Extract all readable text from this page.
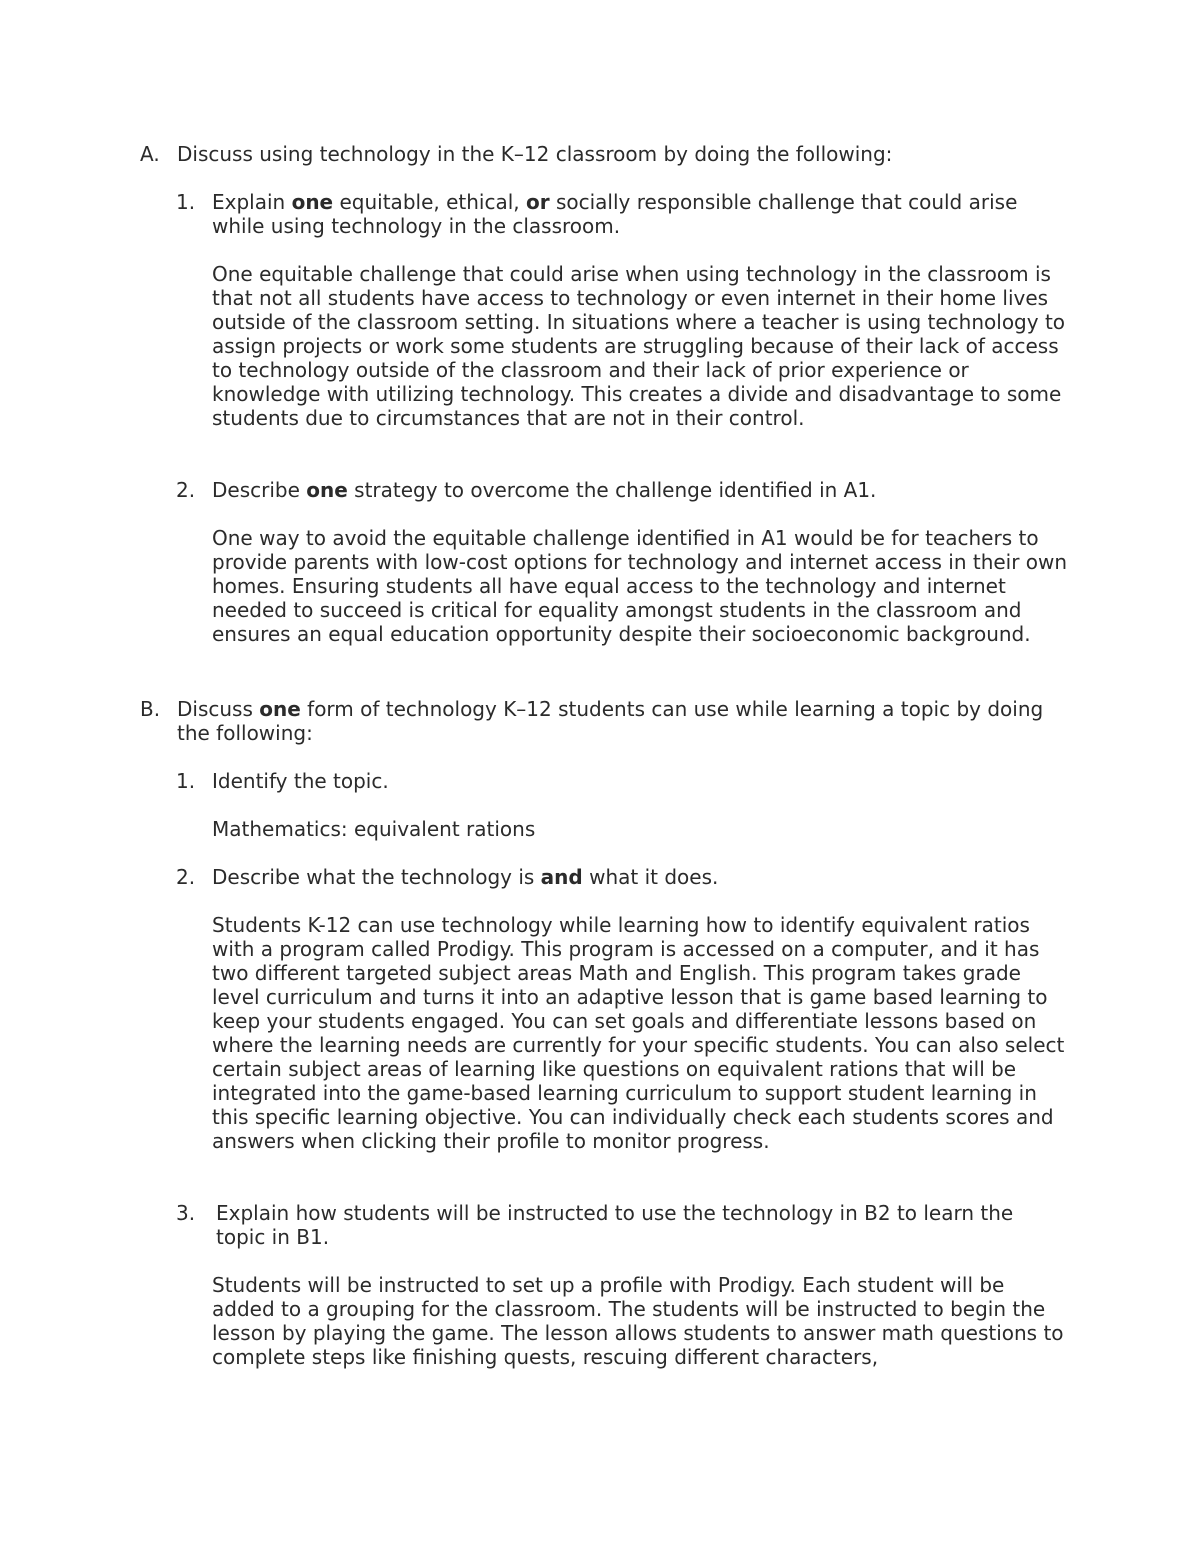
A. Discuss using technology in the K–12 classroom by doing the following:
1. Explain one equitable, ethical, or socially responsible challenge that could arise while using technology in the classroom.
One equitable challenge that could arise when using technology in the classroom is that not all students have access to technology or even internet in their home lives outside of the classroom setting. In situations where a teacher is using technology to assign projects or work some students are struggling because of their lack of access to technology outside of the classroom and their lack of prior experience or knowledge with utilizing technology. This creates a divide and disadvantage to some students due to circumstances that are not in their control.
2. Describe one strategy to overcome the challenge identified in A1.
One way to avoid the equitable challenge identified in A1 would be for teachers to provide parents with low-cost options for technology and internet access in their own homes. Ensuring students all have equal access to the technology and internet needed to succeed is critical for equality amongst students in the classroom and ensures an equal education opportunity despite their socioeconomic background.
B. Discuss one form of technology K–12 students can use while learning a topic by doing the following:
1. Identify the topic.
Mathematics: equivalent rations
2. Describe what the technology is and what it does.
Students K-12 can use technology while learning how to identify equivalent ratios with a program called Prodigy. This program is accessed on a computer, and it has two different targeted subject areas Math and English. This program takes grade level curriculum and turns it into an adaptive lesson that is game based learning to keep your students engaged. You can set goals and differentiate lessons based on where the learning needs are currently for your specific students. You can also select certain subject areas of learning like questions on equivalent rations that will be integrated into the game-based learning curriculum to support student learning in this specific learning objective. You can individually check each students scores and answers when clicking their profile to monitor progress.
3. Explain how students will be instructed to use the technology in B2 to learn the topic in B1.
Students will be instructed to set up a profile with Prodigy. Each student will be added to a grouping for the classroom. The students will be instructed to begin the lesson by playing the game. The lesson allows students to answer math questions to complete steps like finishing quests, rescuing different characters,
